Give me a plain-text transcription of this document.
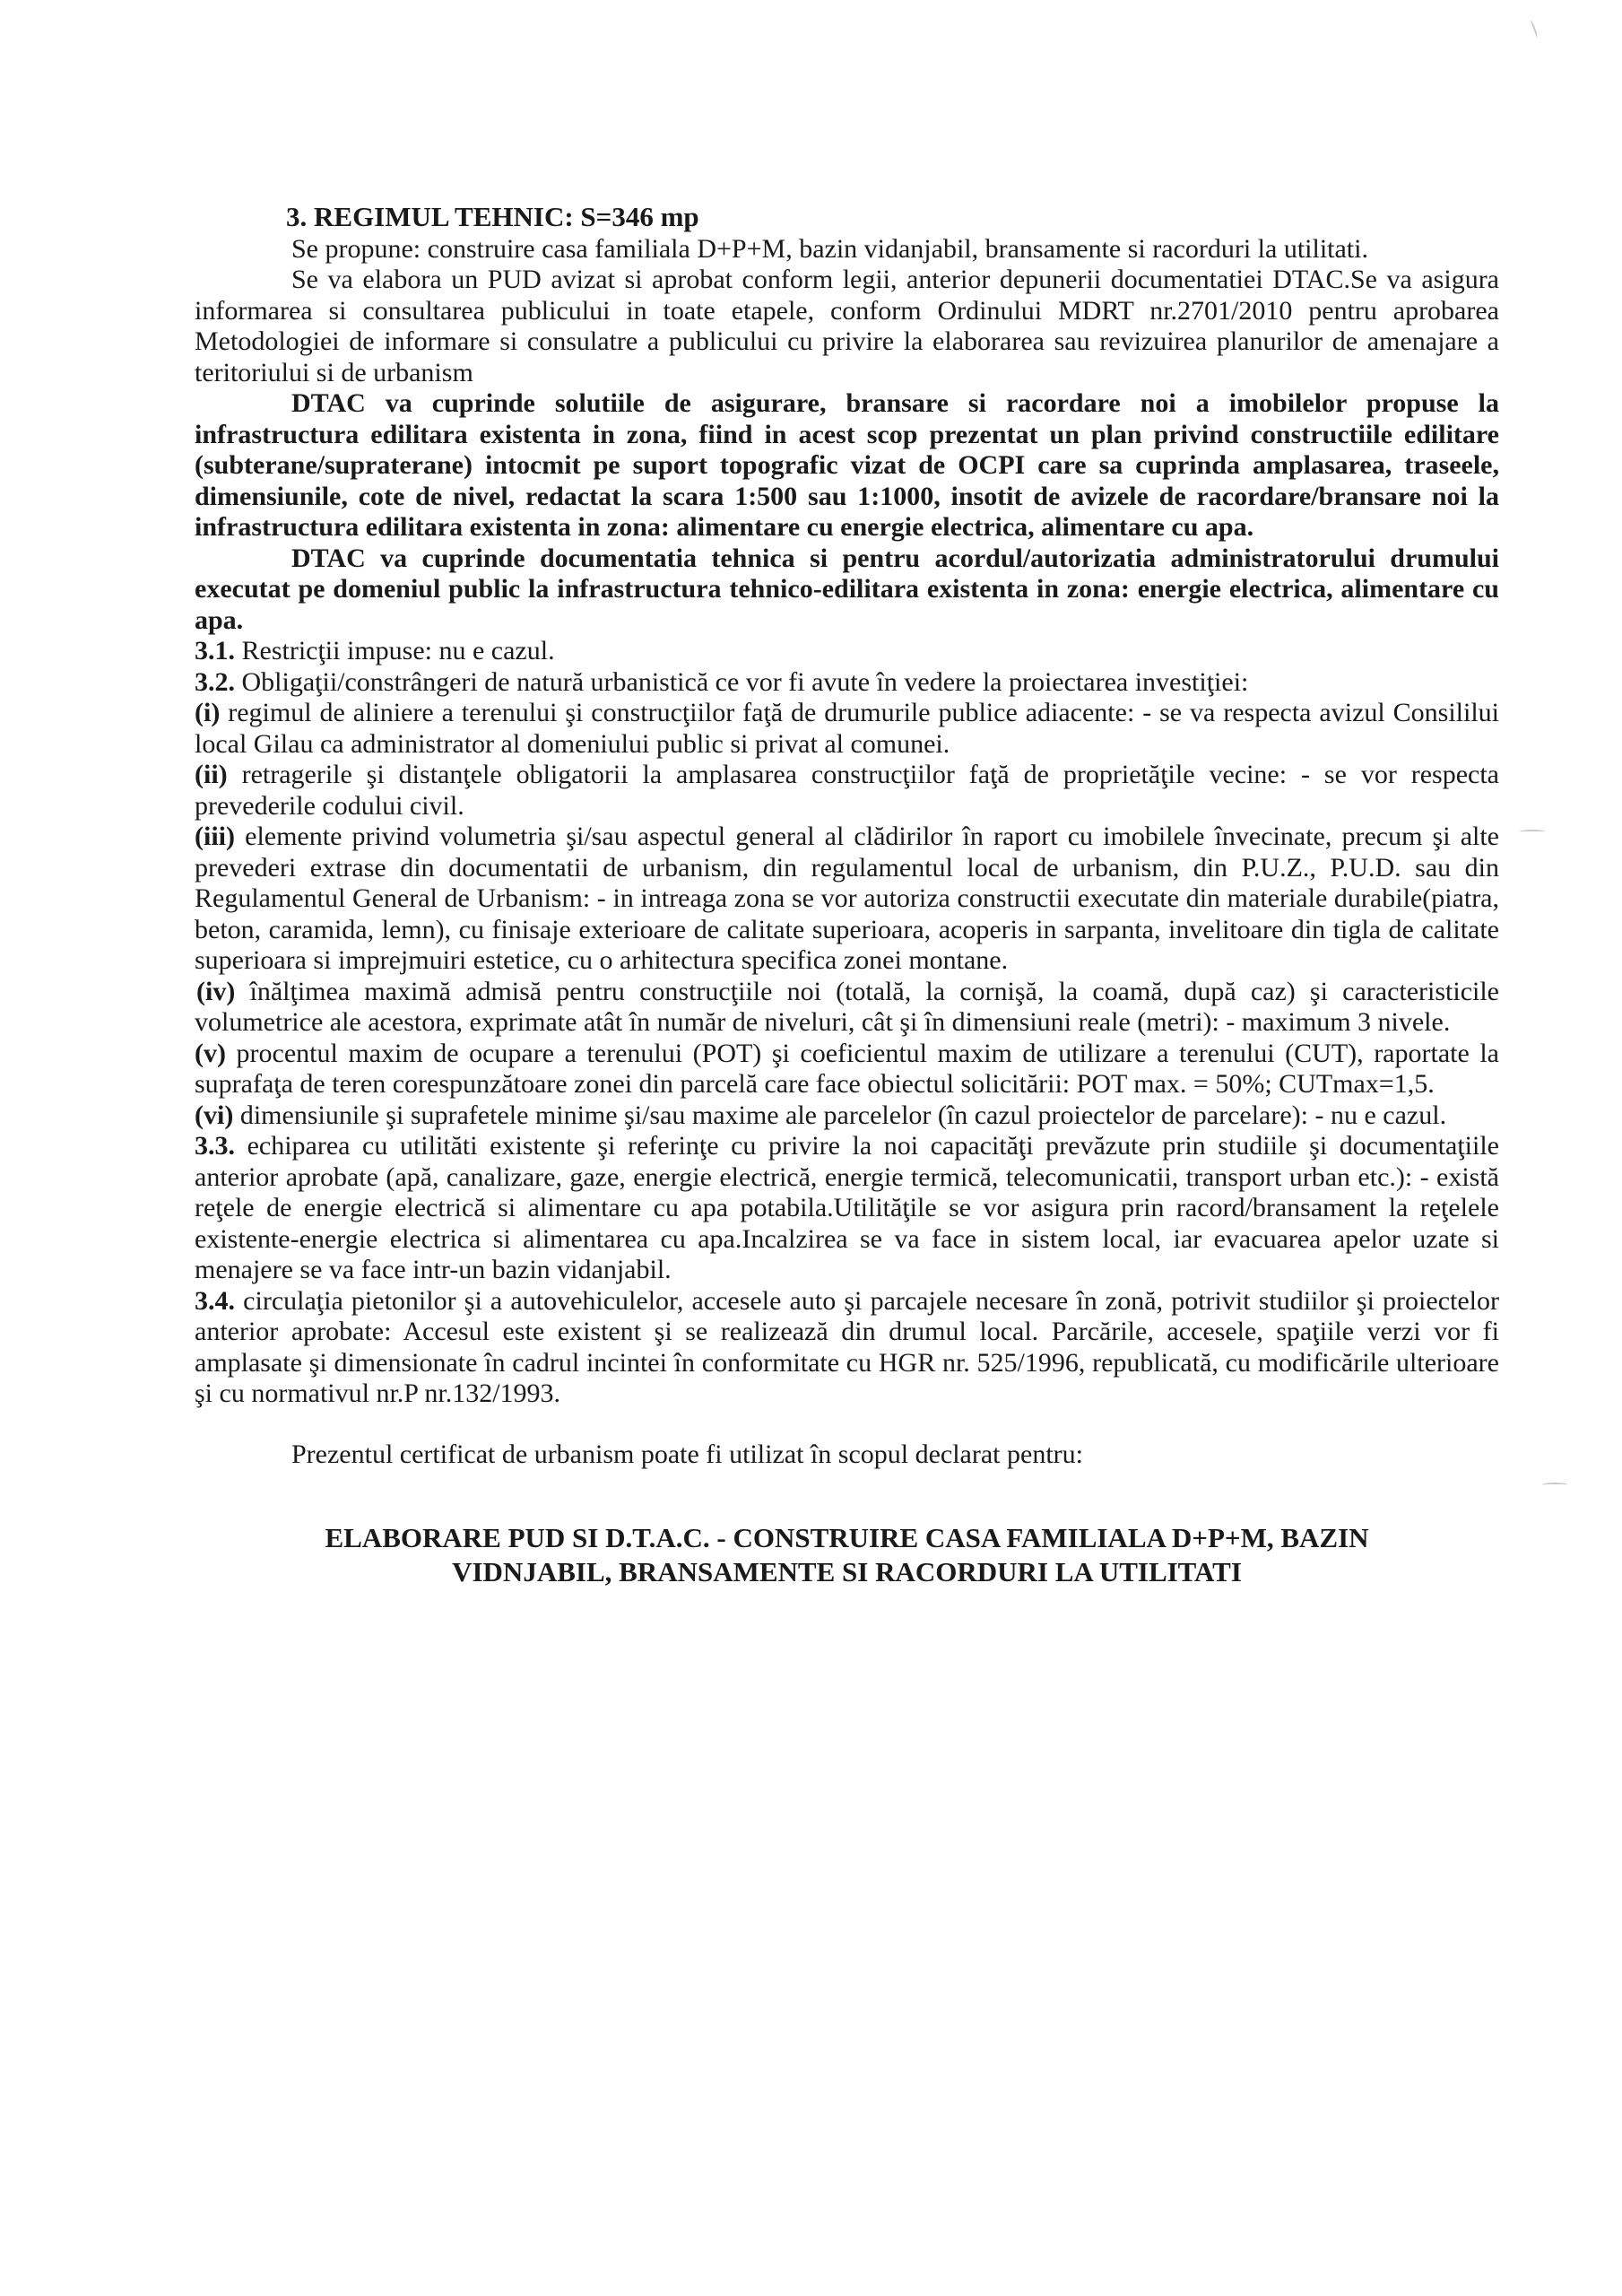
3. REGIMUL TEHNIC: S=346 mp

Se propune: construire casa familiala D+P+M, bazin vidanjabil, bransamente si racorduri la utilitati.

Se va elabora un PUD avizat si aprobat conform legii, anterior depunerii documentatiei DTAC.Se va asigura informarea si consultarea publicului in toate etapele, conform Ordinului MDRT nr.2701/2010 pentru aprobarea Metodologiei de informare si consulatre a publicului cu privire la elaborarea sau revizuirea planurilor de amenajare a teritoriului si de urbanism

DTAC va cuprinde solutiile de asigurare, bransare si racordare noi a imobilelor propuse la infrastructura edilitara existenta in zona, fiind in acest scop prezentat un plan privind constructiile edilitare (subterane/supraterane) intocmit pe suport topografic vizat de OCPI care sa cuprinda amplasarea, traseele, dimensiunile, cote de nivel, redactat la scara 1:500 sau 1:1000, insotit de avizele de racordare/bransare noi la infrastructura edilitara existenta in zona: alimentare cu energie electrica, alimentare cu apa.

DTAC va cuprinde documentatia tehnica si pentru acordul/autorizatia administratorului drumului executat pe domeniul public la infrastructura tehnico-edilitara existenta in zona: energie electrica, alimentare cu apa.

3.1. Restricţii impuse: nu e cazul.

3.2. Obligaţii/constrângeri de natură urbanistică ce vor fi avute în vedere la proiectarea investiţiei:

(i) regimul de aliniere a terenului şi construcţiilor faţă de drumurile publice adiacente: - se va respecta avizul Consililui local Gilau ca administrator al domeniului public si privat al comunei.

(ii) retragerile şi distanţele obligatorii la amplasarea construcţiilor faţă de proprietăţile vecine: - se vor respecta prevederile codului civil.

(iii) elemente privind volumetria şi/sau aspectul general al clădirilor în raport cu imobilele învecinate, precum şi alte prevederi extrase din documentatii de urbanism, din regulamentul local de urbanism, din P.U.Z., P.U.D. sau din Regulamentul General de Urbanism: - in intreaga zona se vor autoriza constructii executate din materiale durabile(piatra, beton, caramida, lemn), cu finisaje exterioare de calitate superioara, acoperis in sarpanta, invelitoare din tigla de calitate superioara si imprejmuiri estetice, cu o arhitectura specifica zonei montane.

(iv) înălţimea maximă admisă pentru construcţiile noi (totală, la cornişă, la coamă, după caz) şi caracteristicile volumetrice ale acestora, exprimate atât în număr de niveluri, cât şi în dimensiuni reale (metri): - maximum 3 nivele.

(v) procentul maxim de ocupare a terenului (POT) şi coeficientul maxim de utilizare a terenului (CUT), raportate la suprafaţa de teren corespunzătoare zonei din parcelă care face obiectul solicitării: POT max. = 50%; CUTmax=1,5.

(vi) dimensiunile şi suprafetele minime şi/sau maxime ale parcelelor (în cazul proiectelor de parcelare): - nu e cazul.

3.3. echiparea cu utilităti existente şi referinţe cu privire la noi capacităţi prevăzute prin studiile şi documentaţiile anterior aprobate (apă, canalizare, gaze, energie electrică, energie termică, telecomunicatii, transport urban etc.): - există reţele de energie electrică si alimentare cu apa potabila.Utilităţile se vor asigura prin racord/bransament la reţelele existente-energie electrica si alimentarea cu apa.Incalzirea se va face in sistem local, iar evacuarea apelor uzate si menajere se va face intr-un bazin vidanjabil.

3.4. circulaţia pietonilor şi a autovehiculelor, accesele auto şi parcajele necesare în zonă, potrivit studiilor şi proiectelor anterior aprobate: Accesul este existent şi se realizează din drumul local. Parcările, accesele, spaţiile verzi vor fi amplasate şi dimensionate în cadrul incintei în conformitate cu HGR nr. 525/1996, republicată, cu modificările ulterioare şi cu normativul nr.P nr.132/1993.

Prezentul certificat de urbanism poate fi utilizat în scopul declarat pentru:

ELABORARE PUD SI D.T.A.C. - CONSTRUIRE CASA FAMILIALA D+P+M, BAZIN
VIDNJABIL, BRANSAMENTE SI RACORDURI LA UTILITATI
